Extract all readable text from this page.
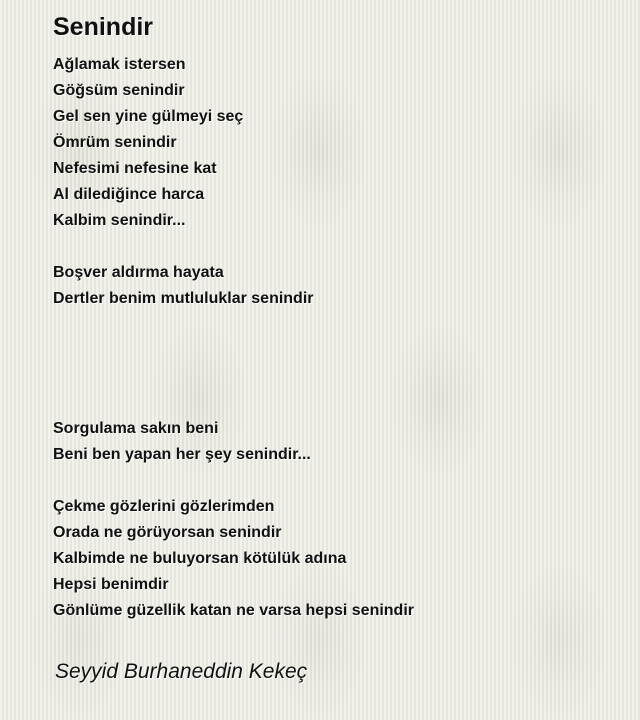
Senindir
Ağlamak istersen
Göğsüm senindir
Gel sen yine gülmeyi seç
Ömrüm senindir
Nefesimi nefesine kat
Al dilediğince harca
Kalbim senindir...
Boşver aldırma hayata
Dertler benim mutluluklar senindir
Sorgulama sakın beni
Beni ben yapan her şey senindir...
Çekme gözlerini gözlerimden
Orada ne görüyorsan senindir
Kalbimde ne buluyorsan kötülük adına
Hepsi benimdir
Gönlüme güzellik katan ne varsa hepsi senindir

Seyyid Burhaneddin Kekeç
